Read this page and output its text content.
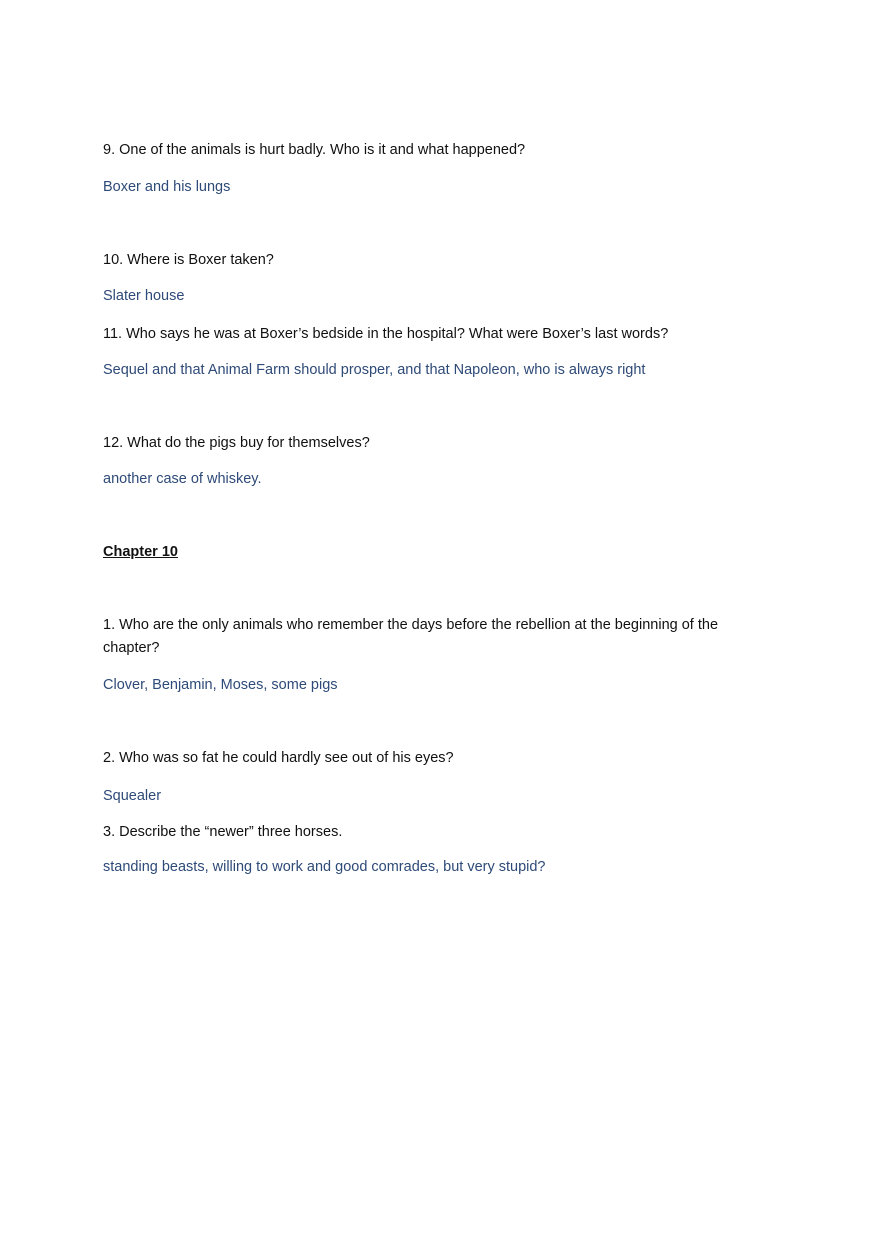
9. One of the animals is hurt badly. Who is it and what happened?
Boxer and his lungs
10. Where is Boxer taken?
Slater house
11. Who says he was at Boxer’s bedside in the hospital? What were Boxer’s last words?
Sequel and that Animal Farm should prosper, and that Napoleon, who is always right
12. What do the pigs buy for themselves?
another case of whiskey.
Chapter 10
1. Who are the only animals who remember the days before the rebellion at the beginning of the chapter?
Clover, Benjamin, Moses, some pigs
2. Who was so fat he could hardly see out of his eyes?
Squealer
3. Describe the “newer” three horses.
standing beasts, willing to work and good comrades, but very stupid?
